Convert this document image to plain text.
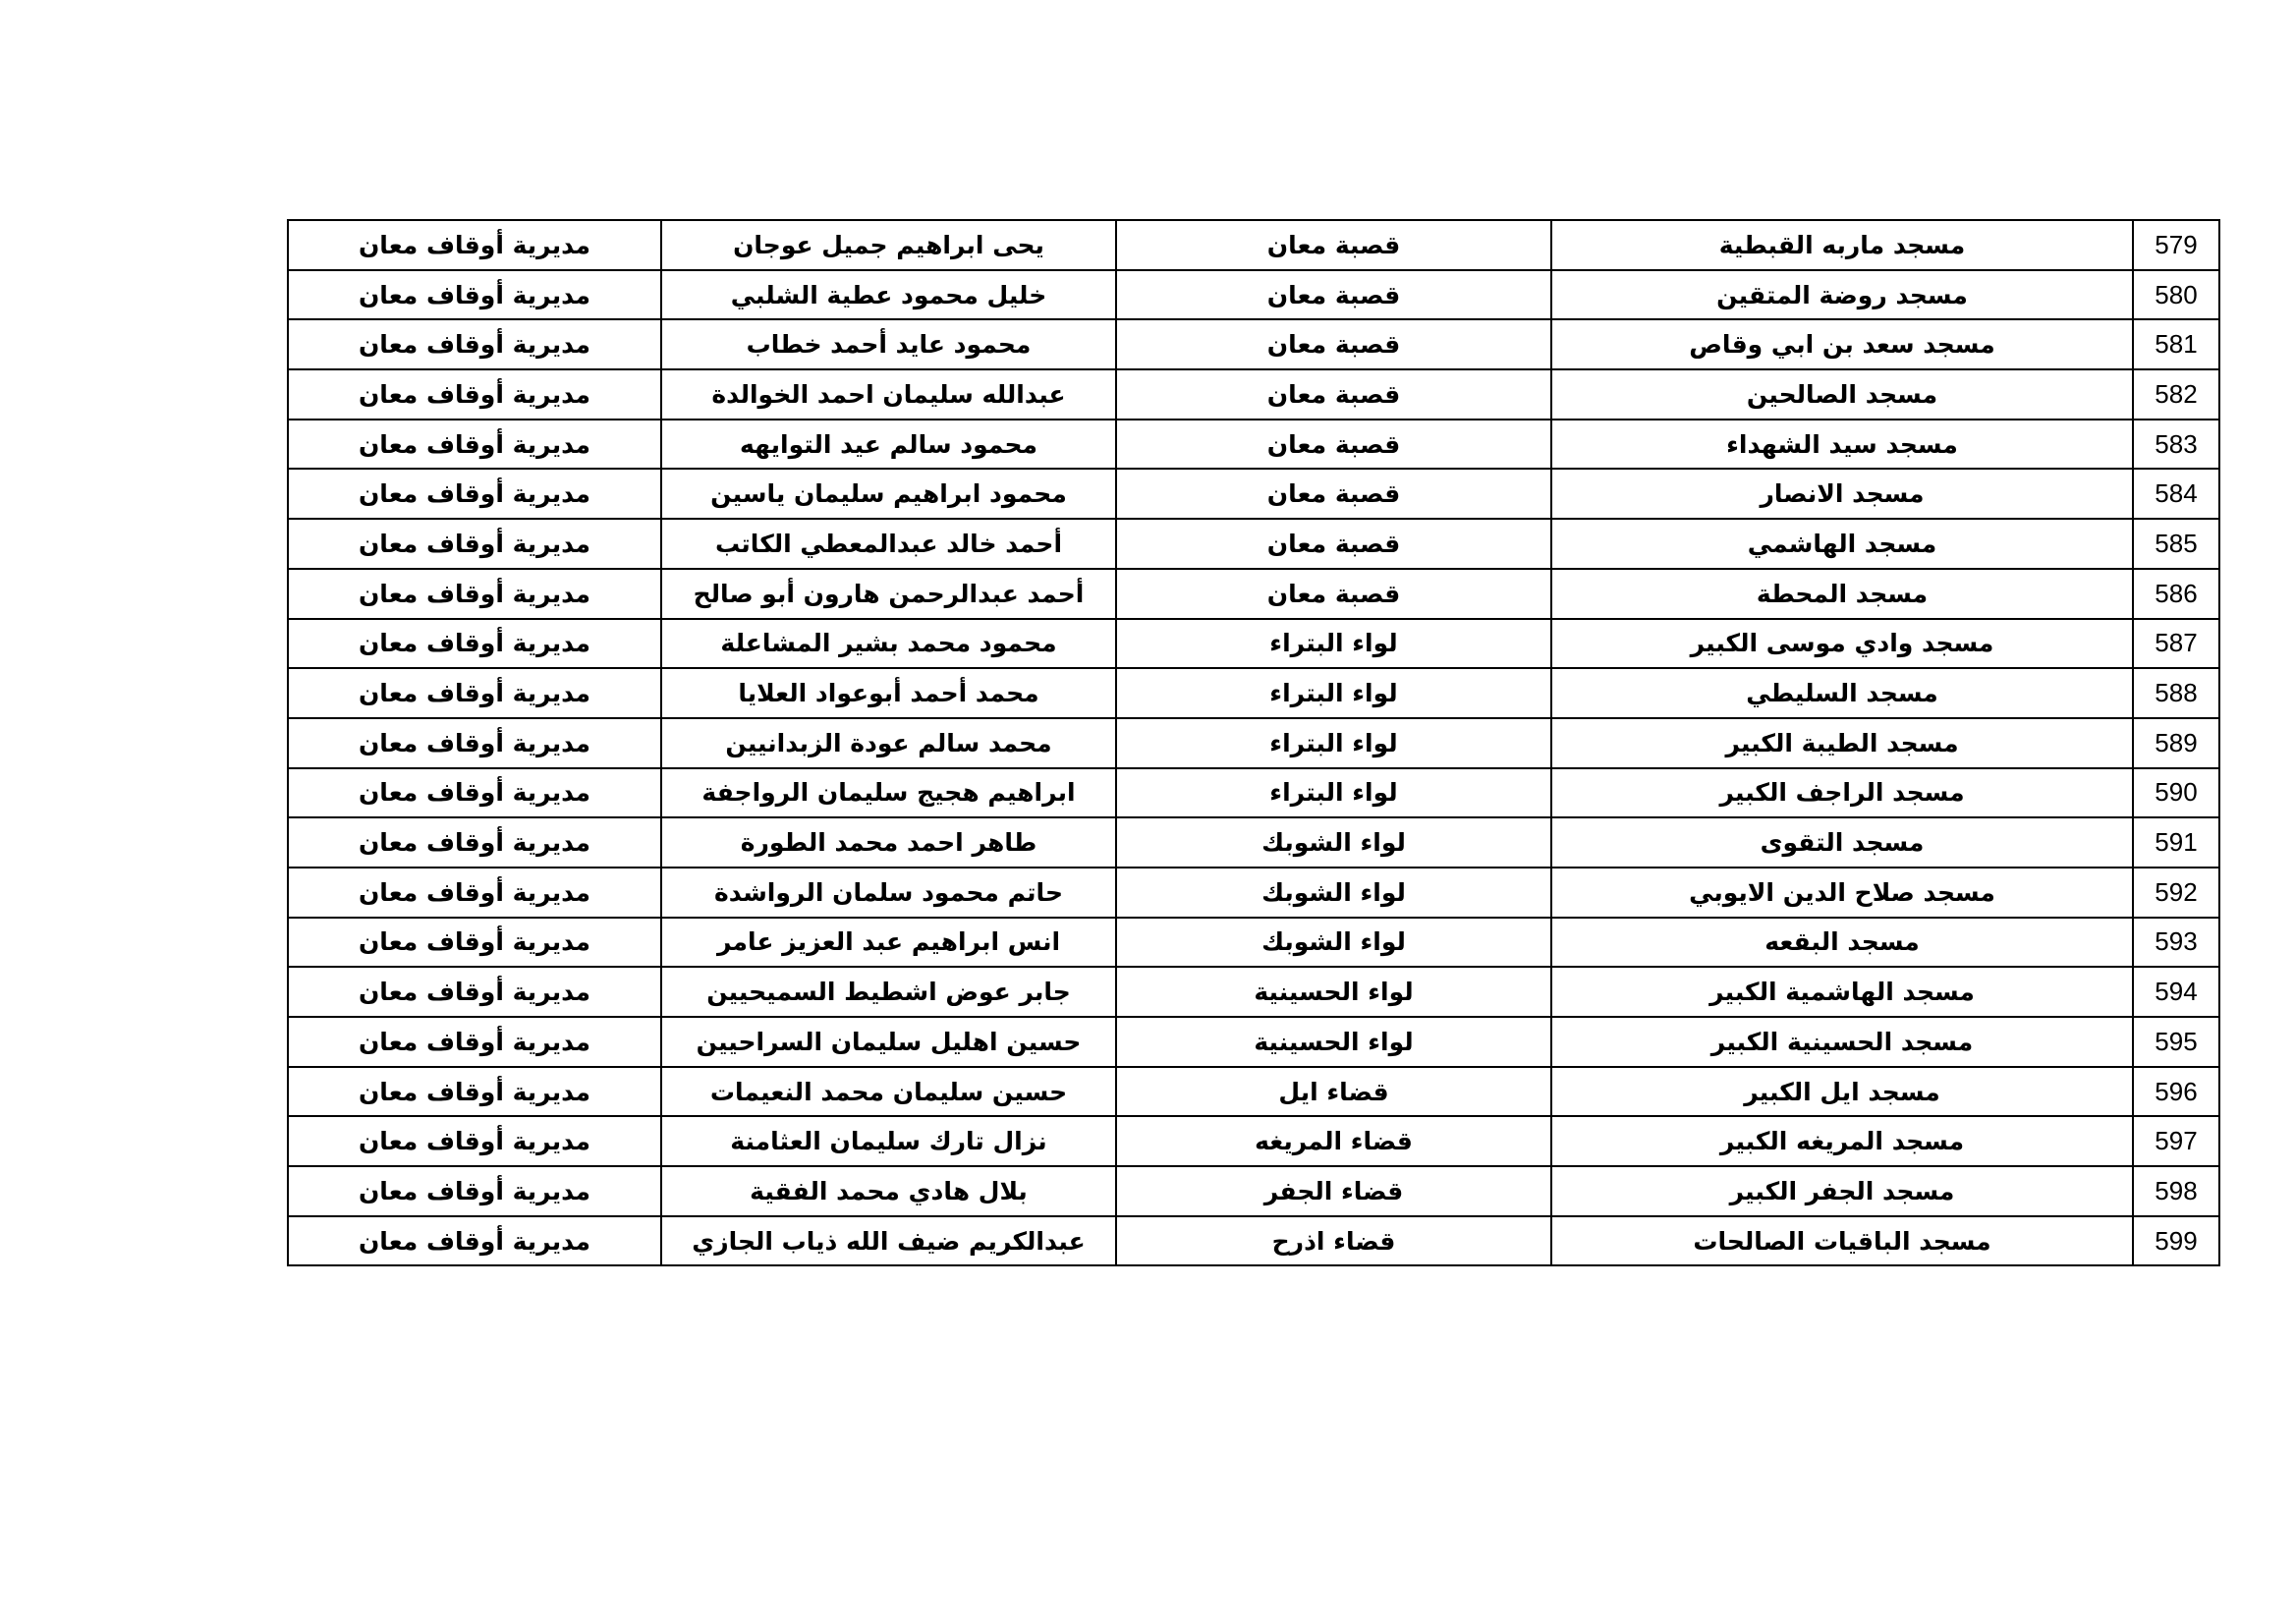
579	مسجد ماربه القبطية	قصبة معان	يحى ابراهيم جميل عوجان	مديرية أوقاف معان
580	مسجد روضة المتقين	قصبة معان	خليل محمود عطية الشلبي	مديرية أوقاف معان
581	مسجد سعد بن ابي وقاص	قصبة معان	محمود عايد أحمد خطاب	مديرية أوقاف معان
582	مسجد الصالحين	قصبة معان	عبدالله سليمان احمد الخوالدة	مديرية أوقاف معان
583	مسجد سيد الشهداء	قصبة معان	محمود سالم عيد التوايهه	مديرية أوقاف معان
584	مسجد الانصار	قصبة معان	محمود ابراهيم سليمان ياسين	مديرية أوقاف معان
585	مسجد الهاشمي	قصبة معان	أحمد خالد عبدالمعطي الكاتب	مديرية أوقاف معان
586	مسجد المحطة	قصبة معان	أحمد عبدالرحمن هارون أبو صالح	مديرية أوقاف معان
587	مسجد وادي موسى الكبير	لواء البتراء	محمود محمد بشير المشاعلة	مديرية أوقاف معان
588	مسجد السليطي	لواء البتراء	محمد أحمد أبوعواد العلايا	مديرية أوقاف معان
589	مسجد الطيبة الكبير	لواء البتراء	محمد سالم عودة الزبدانيين	مديرية أوقاف معان
590	مسجد الراجف الكبير	لواء البتراء	ابراهيم هجيج سليمان الرواجفة	مديرية أوقاف معان
591	مسجد التقوى	لواء الشوبك	طاهر احمد محمد الطورة	مديرية أوقاف معان
592	مسجد صلاح الدين الايوبي	لواء الشوبك	حاتم محمود سلمان الرواشدة	مديرية أوقاف معان
593	مسجد البقعه	لواء الشوبك	انس ابراهيم عبد العزيز عامر	مديرية أوقاف معان
594	مسجد الهاشمية الكبير	لواء الحسينية	جابر عوض اشطيط السميحيين	مديرية أوقاف معان
595	مسجد الحسينية الكبير	لواء الحسينية	حسين اهليل سليمان السراحيين	مديرية أوقاف معان
596	مسجد ايل الكبير	قضاء ايل	حسين سليمان محمد النعيمات	مديرية أوقاف معان
597	مسجد المريغه الكبير	قضاء المريغه	نزال تارك سليمان العثامنة	مديرية أوقاف معان
598	مسجد الجفر الكبير	قضاء الجفر	بلال هادي محمد الفقية	مديرية أوقاف معان
599	مسجد الباقيات الصالحات	قضاء اذرح	عبدالكريم ضيف الله ذياب الجازي	مديرية أوقاف معان
